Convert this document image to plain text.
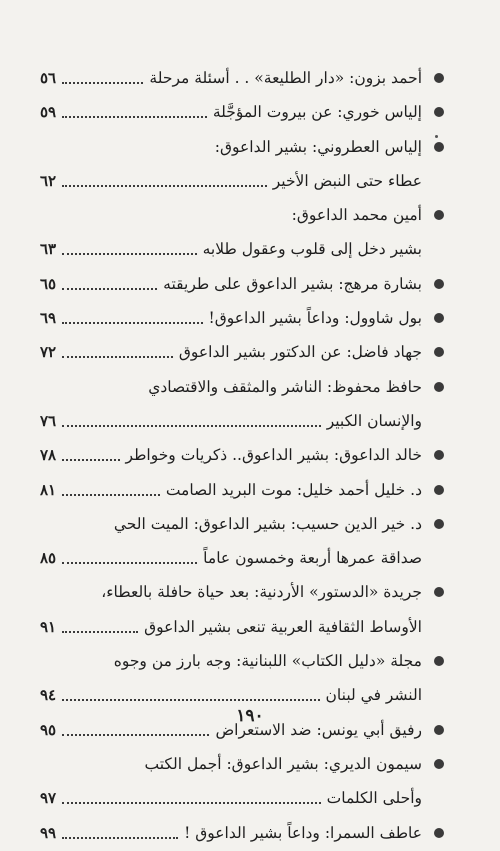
أحمد بزون: «دار الطليعة» . . أسئلة مرحلة
٥٦
إلياس خوري: عن بيروت المؤجَّلة
٥٩
إلياس العطروني: بشير الداعوق:
عطاء حتى النبض الأخير
٦٢
أمين محمد الداعوق:
بشير دخل إلى قلوب وعقول طلابه
٦٣
بشارة مرهج: بشير الداعوق على طريقته
٦٥
بول شاوول: وداعاً بشير الداعوق!
٦٩
جهاد فاضل: عن الدكتور بشير الداعوق
٧٢
حافظ محفوظ: الناشر والمثقف والاقتصادي
والإنسان الكبير
٧٦
خالد الداعوق: بشير الداعوق.. ذكريات وخواطر
٧٨
د. خليل أحمد خليل: موت البريد الصامت
٨١
د. خير الدين حسيب: بشير الداعوق: الميت الحي
صداقة عمرها أربعة وخمسون عاماً
٨٥
جريدة «الدستور» الأردنية: بعد حياة حافلة بالعطاء،
الأوساط الثقافية العربية تنعى بشير الداعوق
٩١
مجلة «دليل الكتاب» اللبنانية: وجه بارز من وجوه
النشر في لبنان
٩٤
رفيق أبي يونس: ضد الاستعراض
٩٥
سيمون الديري: بشير الداعوق: أجمل الكتب
وأحلى الكلمات
٩٧
عاطف السمرا: وداعاً بشير الداعوق !
٩٩
١٩٠
